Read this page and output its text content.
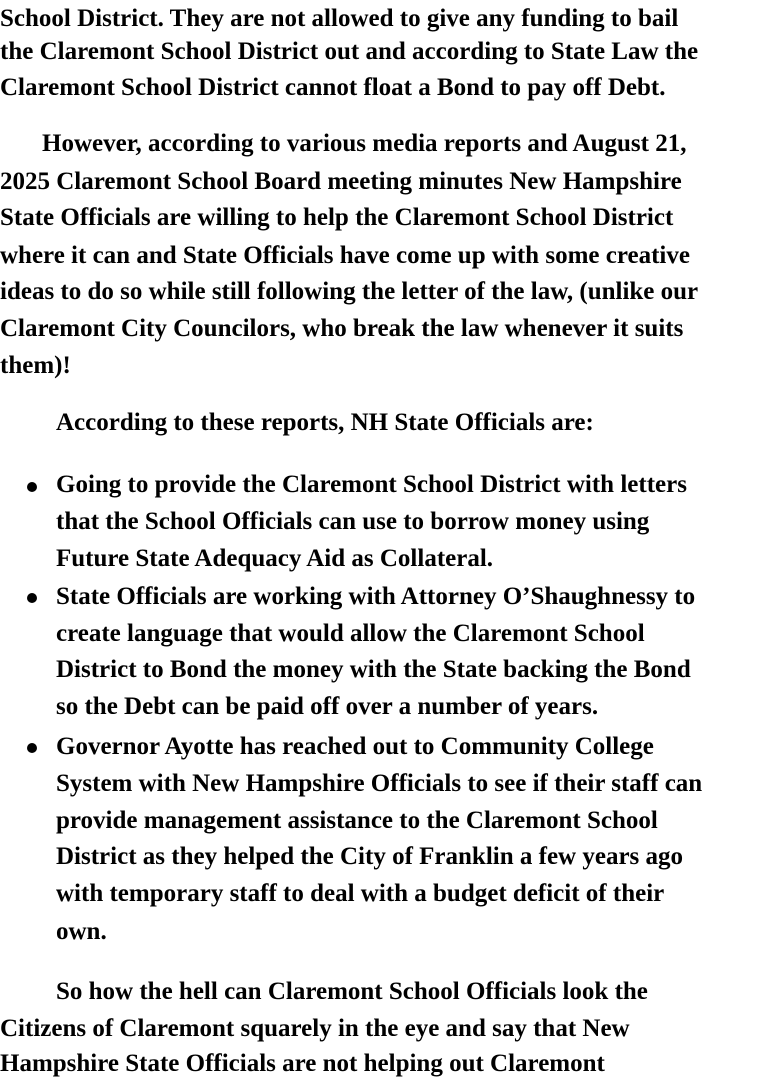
School District. They are not allowed to give any funding to bail
the Claremont School District out and according to State Law the
Claremont School District cannot float a Bond to pay off Debt.
However, according to various media reports and August 21,
2025 Claremont School Board meeting minutes New Hampshire
State Officials are willing to help the Claremont School District
where it can and State Officials have come up with some creative
ideas to do so while still following the letter of the law, (unlike our
Claremont City Councilors, who break the law whenever it suits
them)!
According to these reports, NH State Officials are:
Going to provide the Claremont School District with letters
that the School Officials can use to borrow money using
Future State Adequacy Aid as Collateral.
State Officials are working with Attorney O’Shaughnessy to
create language that would allow the Claremont School
District to Bond the money with the State backing the Bond
so the Debt can be paid off over a number of years.
Governor Ayotte has reached out to Community College
System with New Hampshire Officials to see if their staff can
provide management assistance to the Claremont School
District as they helped the City of Franklin a few years ago
with temporary staff to deal with a budget deficit of their
own.
So how the hell can Claremont School Officials look the
Citizens of Claremont squarely in the eye and say that New
Hampshire State Officials are not helping out Claremont
